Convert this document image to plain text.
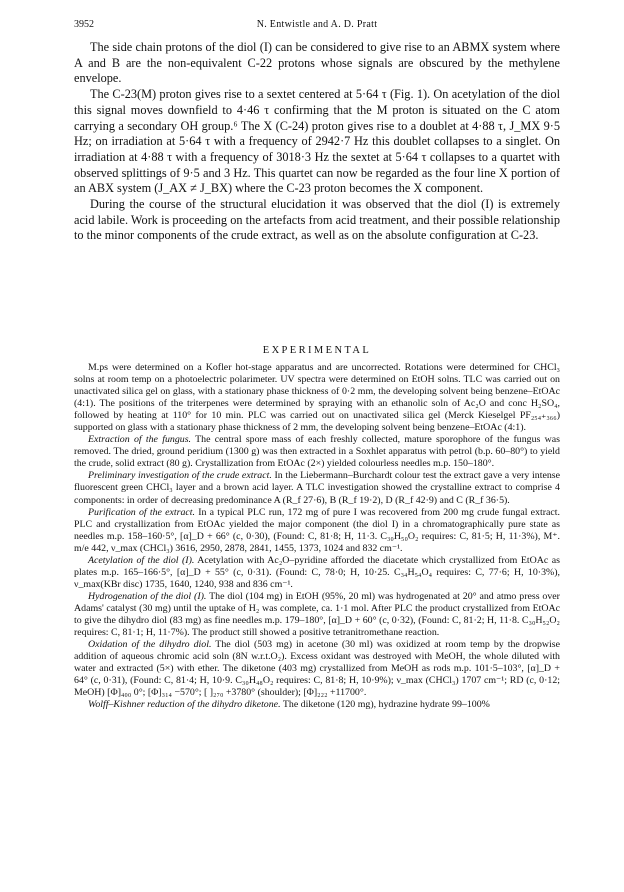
3952	N. Entwistle and A. D. Pratt

The side chain protons of the diol (I) can be considered to give rise to an ABMX system where A and B are the non-equivalent C-22 protons whose signals are obscured by the methylene envelope.

The C-23(M) proton gives rise to a sextet centered at 5·64 τ (Fig. 1). On acetylation of the diol this signal moves downfield to 4·46 τ confirming that the M proton is situated on the C atom carrying a secondary OH group.⁶ The X (C-24) proton gives rise to a doublet at 4·88 τ, J_MX 9·5 Hz; on irradiation at 5·64 τ with a frequency of 2942·7 Hz this doublet collapses to a singlet. On irradiation at 4·88 τ with a frequency of 3018·3 Hz the sextet at 5·64 τ collapses to a quartet with observed splittings of 9·5 and 3 Hz. This quartet can now be regarded as the four line X portion of an ABX system (J_AX ≠ J_BX) where the C-23 proton becomes the X component.

During the course of the structural elucidation it was observed that the diol (I) is extremely acid labile. Work is proceeding on the artefacts from acid treatment, and their possible relationship to the minor components of the crude extract, as well as on the absolute configuration at C-23.

EXPERIMENTAL

M.ps were determined on a Kofler hot-stage apparatus and are uncorrected. Rotations were determined for CHCl₃ solns at room temp on a photoelectric polarimeter. UV spectra were determined on EtOH solns. TLC was carried out on unactivated silica gel on glass, with a stationary phase thickness of 0·2 mm, the developing solvent being benzene–EtOAc (4:1). The positions of the triterpenes were determined by spraying with an ethanolic soln of Ac₂O and conc H₂SO₄, followed by heating at 110° for 10 min. PLC was carried out on unactivated silica gel (Merck Kieselgel PF₂₅₄₊₃₆₆) supported on glass with a stationary phase thickness of 2 mm, the developing solvent being benzene–EtOAc (4:1).

Extraction of the fungus. The central spore mass of each freshly collected, mature sporophore of the fungus was removed. The dried, ground peridium (1300 g) was then extracted in a Soxhlet apparatus with petrol (b.p. 60–80°) to yield the crude, solid extract (80 g). Crystallization from EtOAc (2×) yielded colourless needles m.p. 150–180°.

Preliminary investigation of the crude extract. In the Liebermann–Burchardt colour test the extract gave a very intense fluorescent green CHCl₃ layer and a brown acid layer. A TLC investigation showed the crystalline extract to comprise 4 components: in order of decreasing predominance A (R_f 27·6), B (R_f 19·2), D (R_f 42·9) and C (R_f 36·5).

Purification of the extract. In a typical PLC run, 172 mg of pure I was recovered from 200 mg crude fungal extract. PLC and crystallization from EtOAc yielded the major component (the diol I) in a chromatographically pure state as needles m.p. 158–160·5°, [α]_D + 66° (c, 0·30), (Found: C, 81·8; H, 11·3. C₃₀H₅₀O₂ requires: C, 81·5; H, 11·3%), M⁺. m/e 442, ν_max (CHCl₃) 3616, 2950, 2878, 2841, 1455, 1373, 1024 and 832 cm⁻¹.

Acetylation of the diol (I). Acetylation with Ac₂O–pyridine afforded the diacetate which crystallized from EtOAc as plates m.p. 165–166·5°, [α]_D + 55° (c, 0·31). (Found: C, 78·0; H, 10·25. C₃₄H₅₄O₄ requires: C, 77·6; H, 10·3%), ν_max(KBr disc) 1735, 1640, 1240, 938 and 836 cm⁻¹.

Hydrogenation of the diol (I). The diol (104 mg) in EtOH (95%, 20 ml) was hydrogenated at 20° and atmo press over Adams' catalyst (30 mg) until the uptake of H₂ was complete, ca. 1·1 mol. After PLC the product crystallized from EtOAc to give the dihydro diol (83 mg) as fine needles m.p. 179–180°, [α]_D + 60° (c, 0·32), (Found: C, 81·2; H, 11·8. C₃₀H₅₂O₂ requires: C, 81·1; H, 11·7%). The product still showed a positive tetranitromethane reaction.

Oxidation of the dihydro diol. The diol (503 mg) in acetone (30 ml) was oxidized at room temp by the dropwise addition of aqueous chromic acid soln (8N w.r.t.O₂). Excess oxidant was destroyed with MeOH, the whole diluted with water and extracted (5×) with ether. The diketone (403 mg) crystallized from MeOH as rods m.p. 101·5–103°, [α]_D + 64° (c, 0·31), (Found: C, 81·4; H, 10·9. C₃₀H₄₈O₂ requires: C, 81·8; H, 10·9%); ν_max (CHCl₃) 1707 cm⁻¹; RD (c, 0·12; MeOH) [Φ]₄₀₀ 0°; [Φ]₃₁₄ −570°; [ ]₂₇₀ +3780° (shoulder); [Φ]₂₂₂ +11700°.

Wolff–Kishner reduction of the dihydro diketone. The diketone (120 mg), hydrazine hydrate 99–100%
